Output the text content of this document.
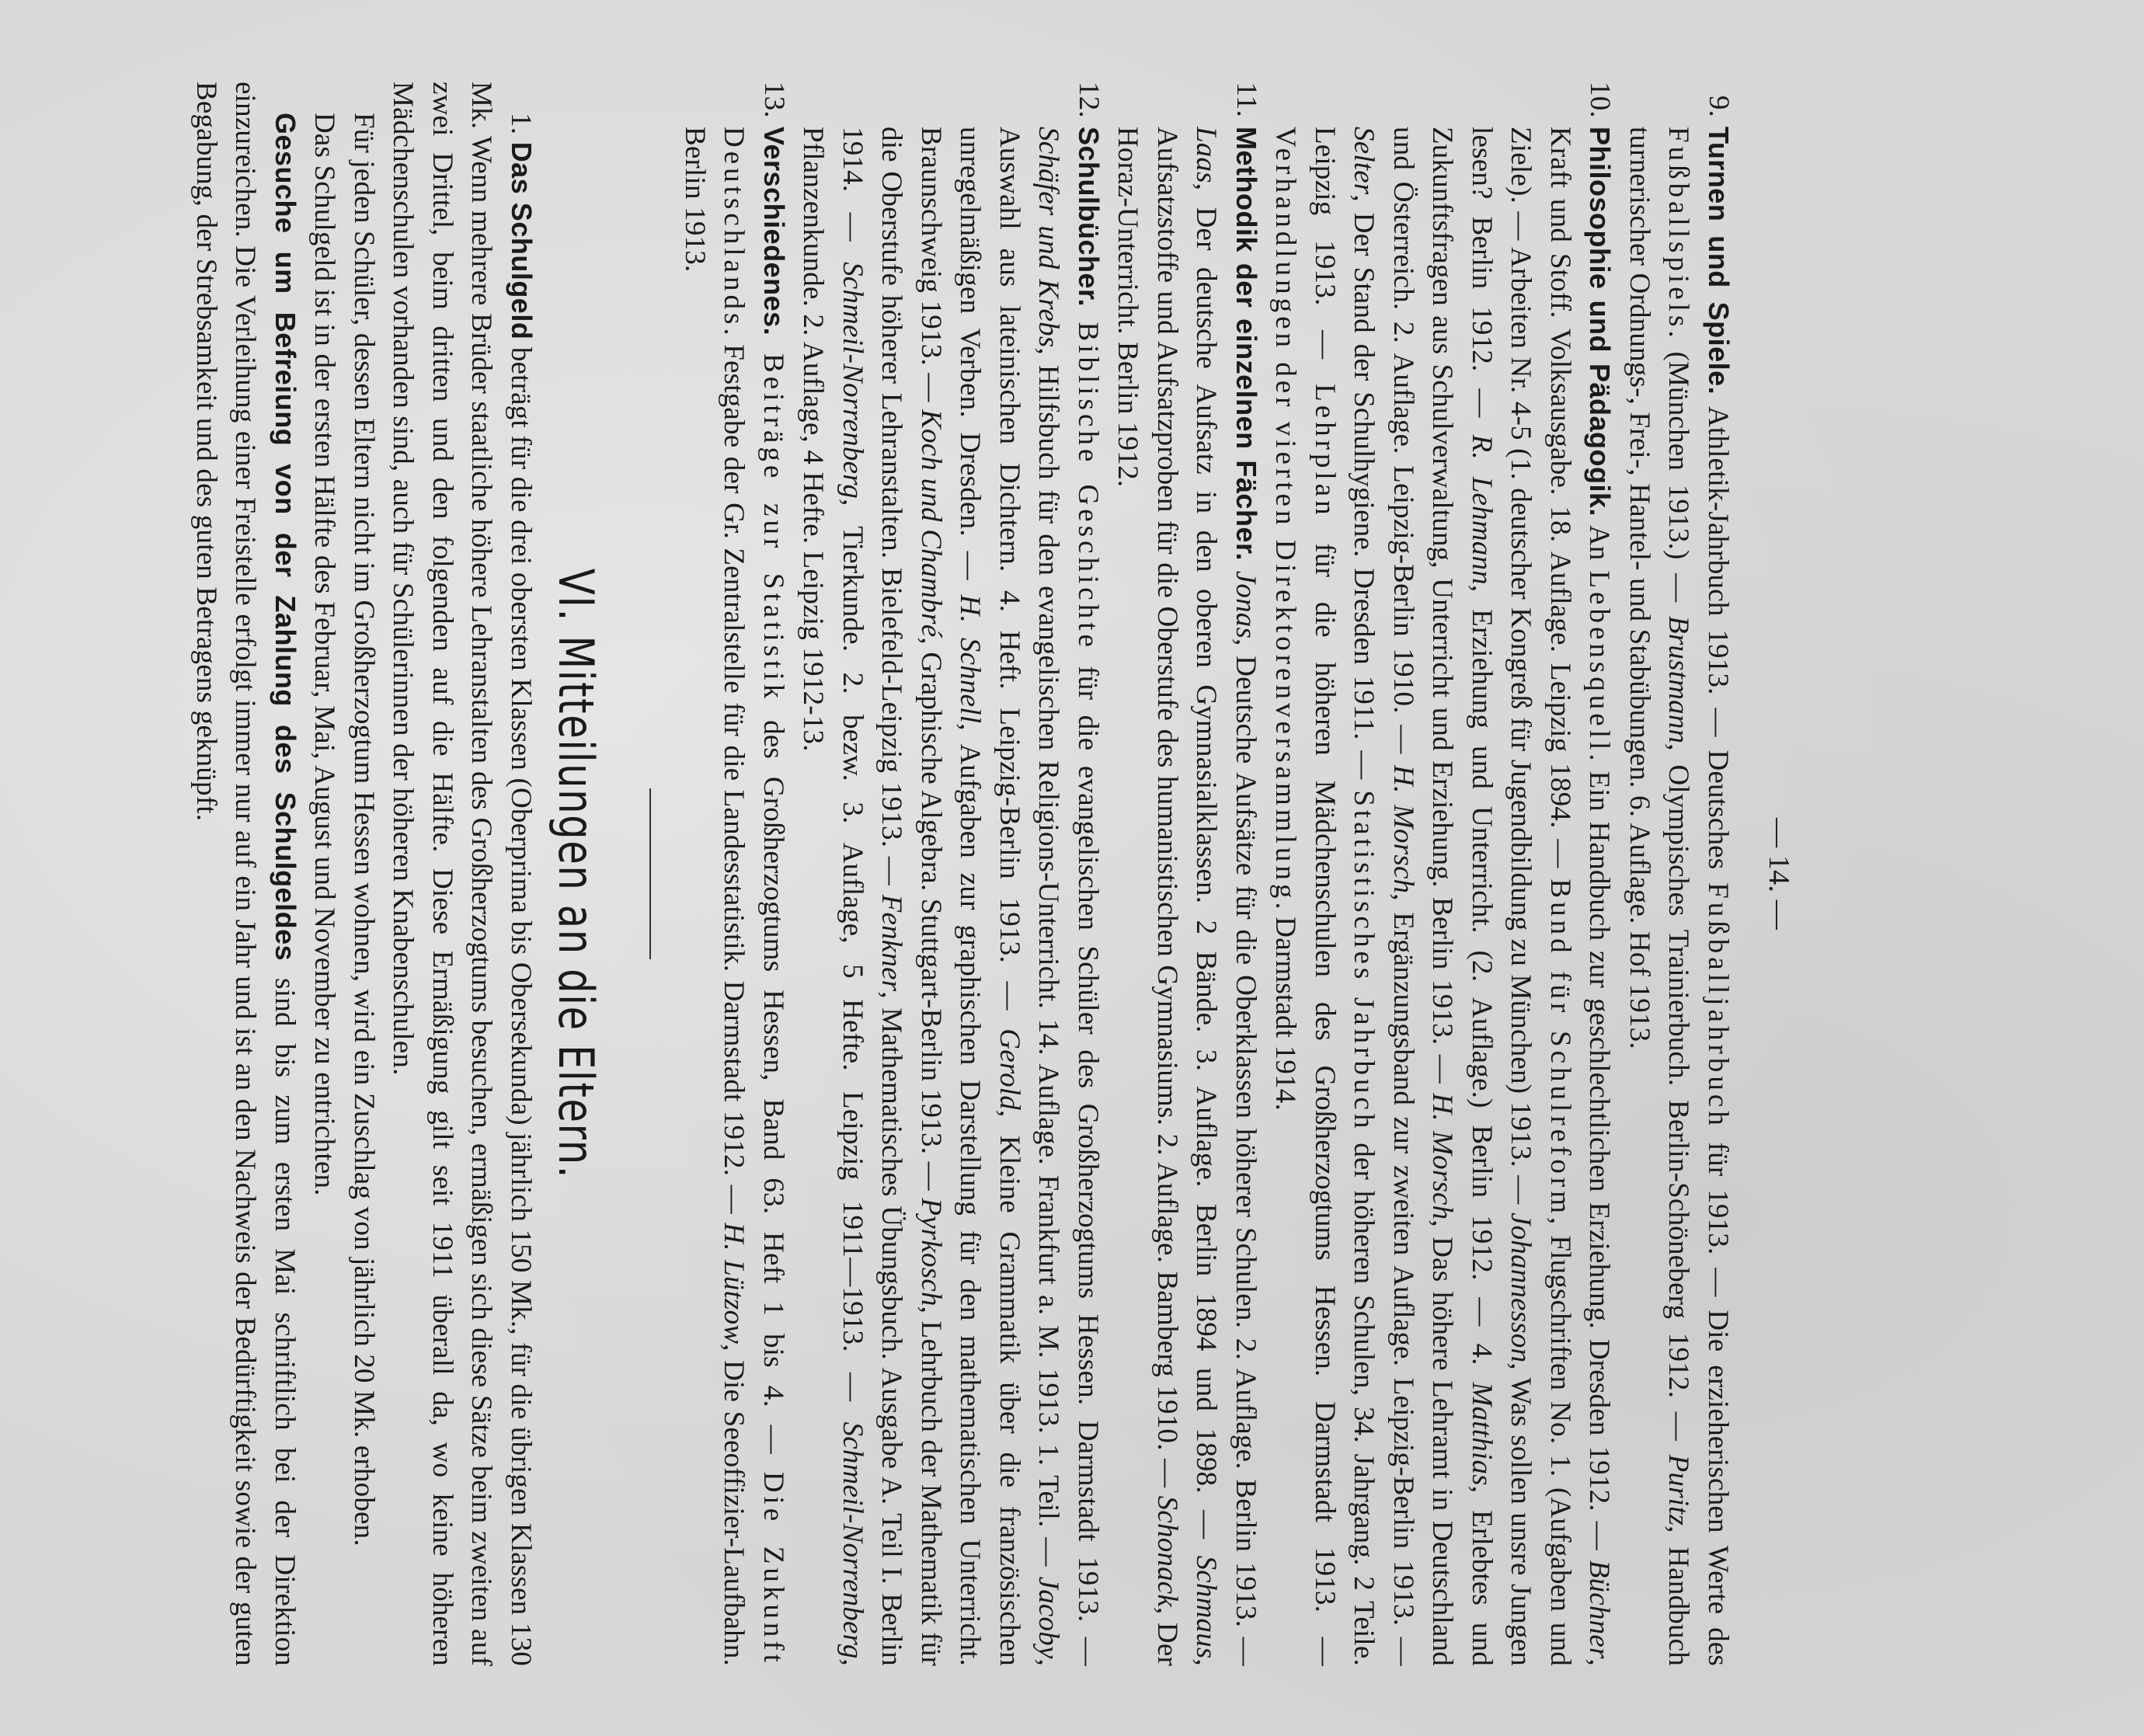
— 14. —
9.
Turnen und Spiele. Athletik-Jahrbuch 1913. — Deutsches Fußballjahrbuch für 1913. — Die erzieherischen Werte des Fußballspiels. (München 1913.) — Brustmann, Olympisches Trainierbuch. Berlin-Schöneberg 1912. — Puritz, Handbuch turnerischer Ordnungs-, Frei-, Hantel- und Stabübungen. 6. Auflage. Hof 1913.
10.
Philosophie und Pädagogik. An Lebensquell. Ein Handbuch zur geschlechtlichen Erziehung. Dresden 1912. — Büchner, Kraft und Stoff. Volksausgabe. 18. Auflage. Leipzig 1894. — Bund für Schulreform, Flugschriften No. 1. (Aufgaben und Ziele). — Arbeiten Nr. 4-5 (1. deutscher Kongreß für Jugendbildung zu München) 1913. — Johannesson, Was sollen unsre Jungen lesen? Berlin 1912. — R. Lehmann, Erziehung und Unterricht. (2. Auflage.) Berlin 1912. — 4. Matthias, Erlebtes und Zukunftsfragen aus Schulverwaltung, Unterricht und Erziehung. Berlin 1913. — H. Morsch, Das höhere Lehramt in Deutschland und Österreich. 2. Auflage. Leipzig-Berlin 1910. — H. Morsch, Ergänzungsband zur zweiten Auflage. Leipzig-Berlin 1913. — Selter, Der Stand der Schulhygiene. Dresden 1911. — Statistisches Jahrbuch der höheren Schulen, 34. Jahrgang. 2 Teile. Leipzig 1913. — Lehrplan für die höheren Mädchenschulen des Großherzogtums Hessen. Darmstadt 1913. — Verhandlungen der vierten Direktorenversammlung. Darmstadt 1914.
11.
Methodik der einzelnen Fächer. Jonas, Deutsche Aufsätze für die Oberklassen höherer Schulen. 2. Auflage. Berlin 1913. — Laas, Der deutsche Aufsatz in den oberen Gymnasialklassen. 2 Bände. 3. Auflage. Berlin 1894 und 1898. — Schmaus, Aufsatzstoffe und Aufsatzproben für die Oberstufe des humanistischen Gymnasiums. 2. Auflage. Bamberg 1910. — Schonack, Der Horaz-Unterricht. Berlin 1912.
12.
Schulbücher. Biblische Geschichte für die evangelischen Schüler des Großherzogtums Hessen. Darmstadt 1913. — Schäfer und Krebs, Hilfsbuch für den evangelischen Religions-Unterricht. 14. Auflage. Frankfurt a. M. 1913. 1. Teil. — Jacoby, Auswahl aus lateinischen Dichtern. 4. Heft. Leipzig-Berlin 1913. — Gerold, Kleine Grammatik über die französischen unregelmäßigen Verben. Dresden. — H. Schnell, Aufgaben zur graphischen Darstellung für den mathematischen Unterricht. Braunschweig 1913. — Koch und Chambré, Graphische Algebra. Stuttgart-Berlin 1913. — Pyrkosch, Lehrbuch der Mathematik für die Oberstufe höherer Lehranstalten. Bielefeld-Leipzig 1913. — Fenkner, Mathematisches Übungsbuch. Ausgabe A. Teil I. Berlin 1914. — Schmeil-Norrenberg, Tierkunde. 2. bezw. 3. Auflage, 5 Hefte. Leipzig 1911—1913. — Schmeil-Norrenberg, Pflanzenkunde. 2. Auflage, 4 Hefte. Leipzig 1912-13.
13.
Verschiedenes. Beiträge zur Statistik des Großherzogtums Hessen, Band 63. Heft 1 bis 4. — Die Zukunft Deutschlands. Festgabe der Gr. Zentralstelle für die Landesstatistik. Darmstadt 1912. — H. Lützow, Die Seeoffizier-Laufbahn. Berlin 1913.
VI. Mitteilungen an die Eltern.

1. Das Schulgeld beträgt für die drei obersten Klassen (Oberprima bis Obersekunda) jährlich 150 Mk., für die übrigen Klassen 130 Mk. Wenn mehrere Brüder staatliche höhere Lehranstalten des Großherzogtums besuchen, ermäßigen sich diese Sätze beim zweiten auf zwei Drittel, beim dritten und den folgenden auf die Hälfte. Diese Ermäßigung gilt seit 1911 überall da, wo keine höheren Mädchenschulen vorhanden sind, auch für Schülerinnen der höheren Knabenschulen.

Für jeden Schüler, dessen Eltern nicht im Großherzogtum Hessen wohnen, wird ein Zuschlag von jährlich 20 Mk. erhoben.

Das Schulgeld ist in der ersten Hälfte des Februar, Mai, August und November zu entrichten.

Gesuche um Befreiung von der Zahlung des Schulgeldes sind bis zum ersten Mai schriftlich bei der Direktion einzureichen. Die Verleihung einer Freistelle erfolgt immer nur auf ein Jahr und ist an den Nachweis der Bedürftigkeit sowie der guten Begabung, der Strebsamkeit und des guten Betragens geknüpft.
